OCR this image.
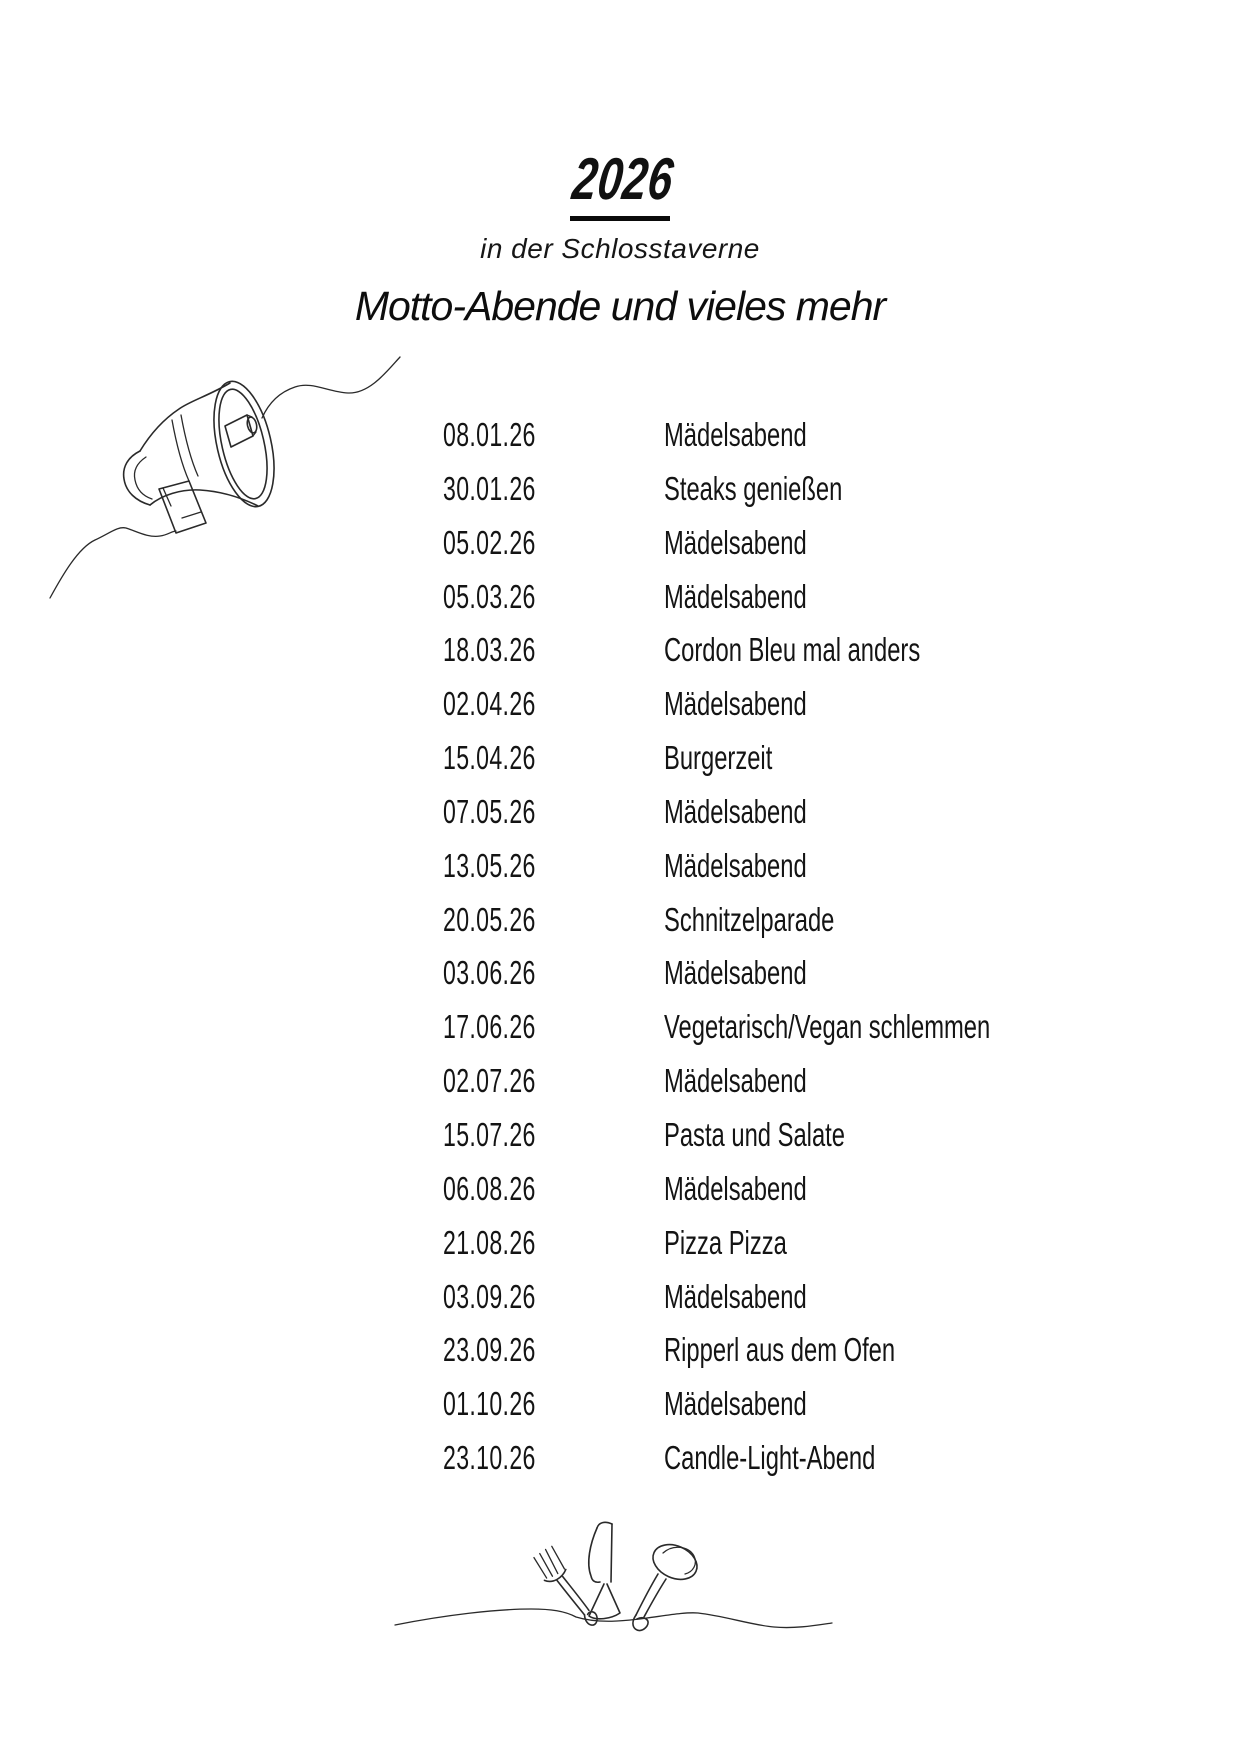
2026
in der Schlosstaverne
Motto-Abende und vieles mehr
08.01.26	Mädelsabend
30.01.26	Steaks genießen
05.02.26	Mädelsabend
05.03.26	Mädelsabend
18.03.26	Cordon Bleu mal anders
02.04.26	Mädelsabend
15.04.26	Burgerzeit
07.05.26	Mädelsabend
13.05.26	Mädelsabend
20.05.26	Schnitzelparade
03.06.26	Mädelsabend
17.06.26	Vegetarisch/Vegan schlemmen
02.07.26	Mädelsabend
15.07.26	Pasta und Salate
06.08.26	Mädelsabend
21.08.26	Pizza Pizza
03.09.26	Mädelsabend
23.09.26	Ripperl aus dem Ofen
01.10.26	Mädelsabend
23.10.26	Candle-Light-Abend
